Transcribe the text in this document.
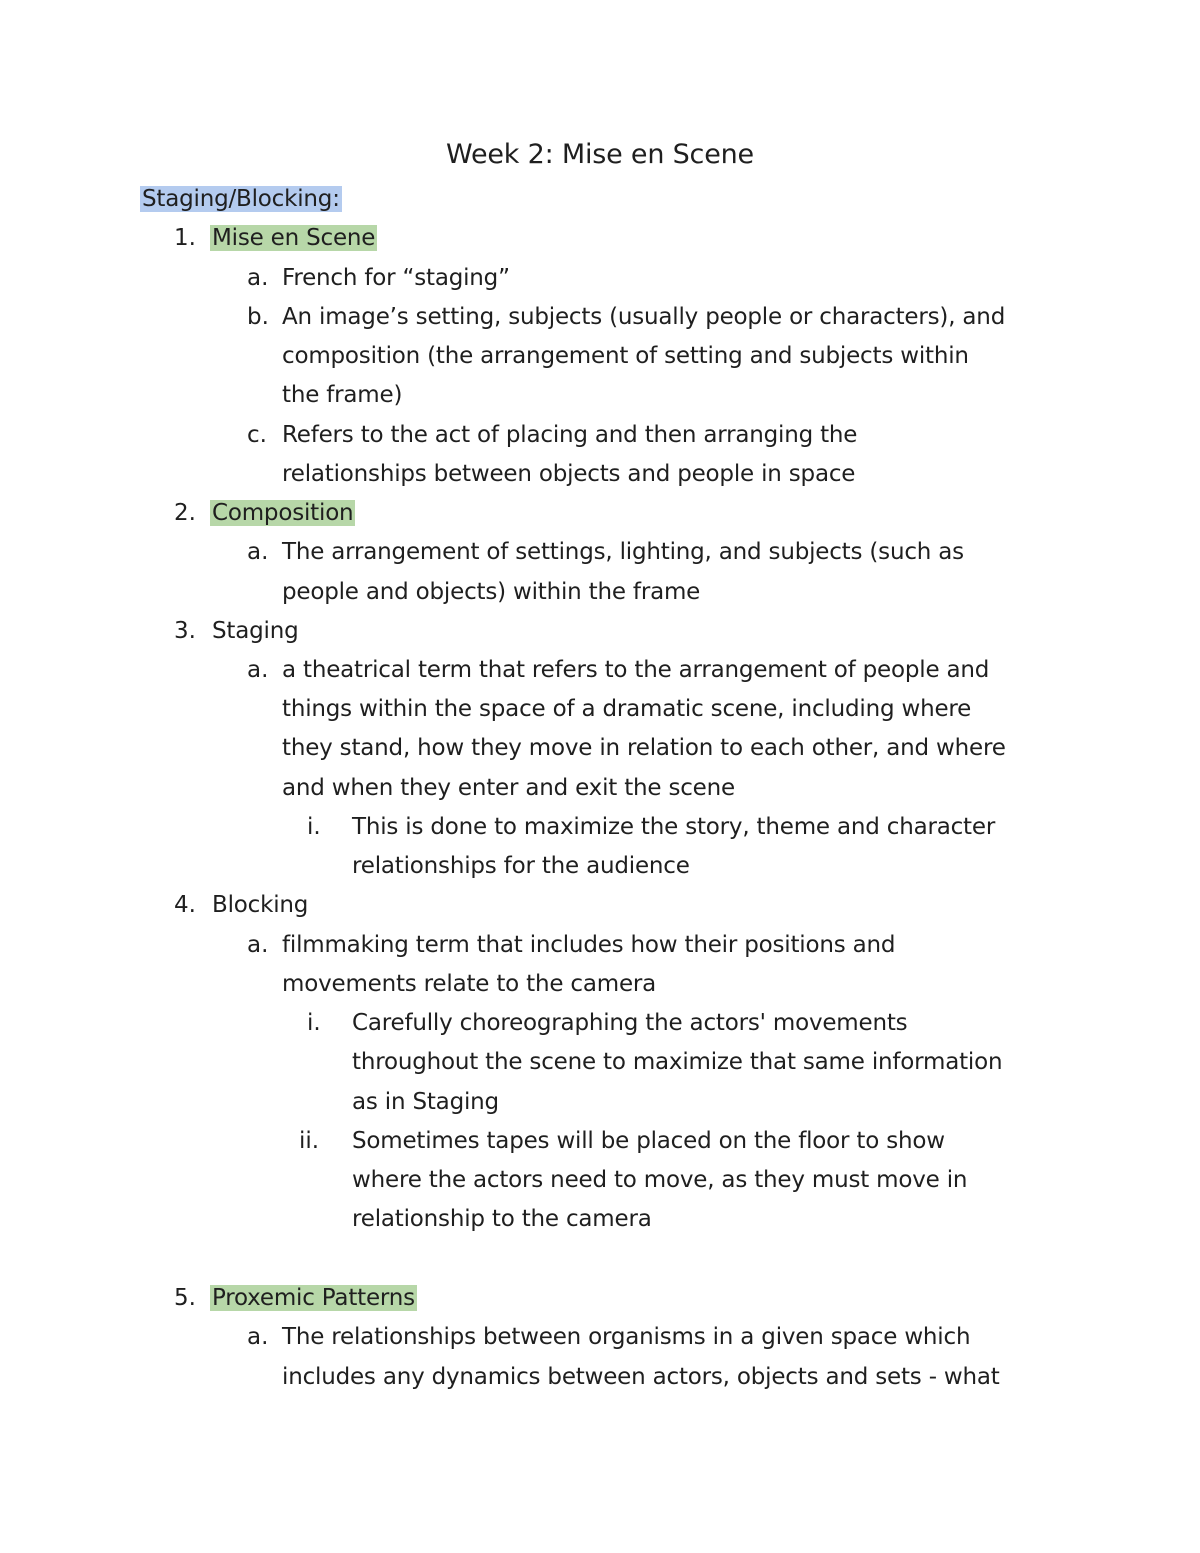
Week 2: Mise en Scene
Staging/Blocking:
1. Mise en Scene
a. French for “staging”
b. An image’s setting, subjects (usually people or characters), and
composition (the arrangement of setting and subjects within
the frame)
c. Refers to the act of placing and then arranging the
relationships between objects and people in space
2. Composition
a. The arrangement of settings, lighting, and subjects (such as
people and objects) within the frame
3. Staging
a. a theatrical term that refers to the arrangement of people and
things within the space of a dramatic scene, including where
they stand, how they move in relation to each other, and where
and when they enter and exit the scene
i. This is done to maximize the story, theme and character
relationships for the audience
4. Blocking
a. filmmaking term that includes how their positions and
movements relate to the camera
i. Carefully choreographing the actors' movements
throughout the scene to maximize that same information
as in Staging
ii. Sometimes tapes will be placed on the floor to show
where the actors need to move, as they must move in
relationship to the camera
5. Proxemic Patterns
a. The relationships between organisms in a given space which
includes any dynamics between actors, objects and sets - what
